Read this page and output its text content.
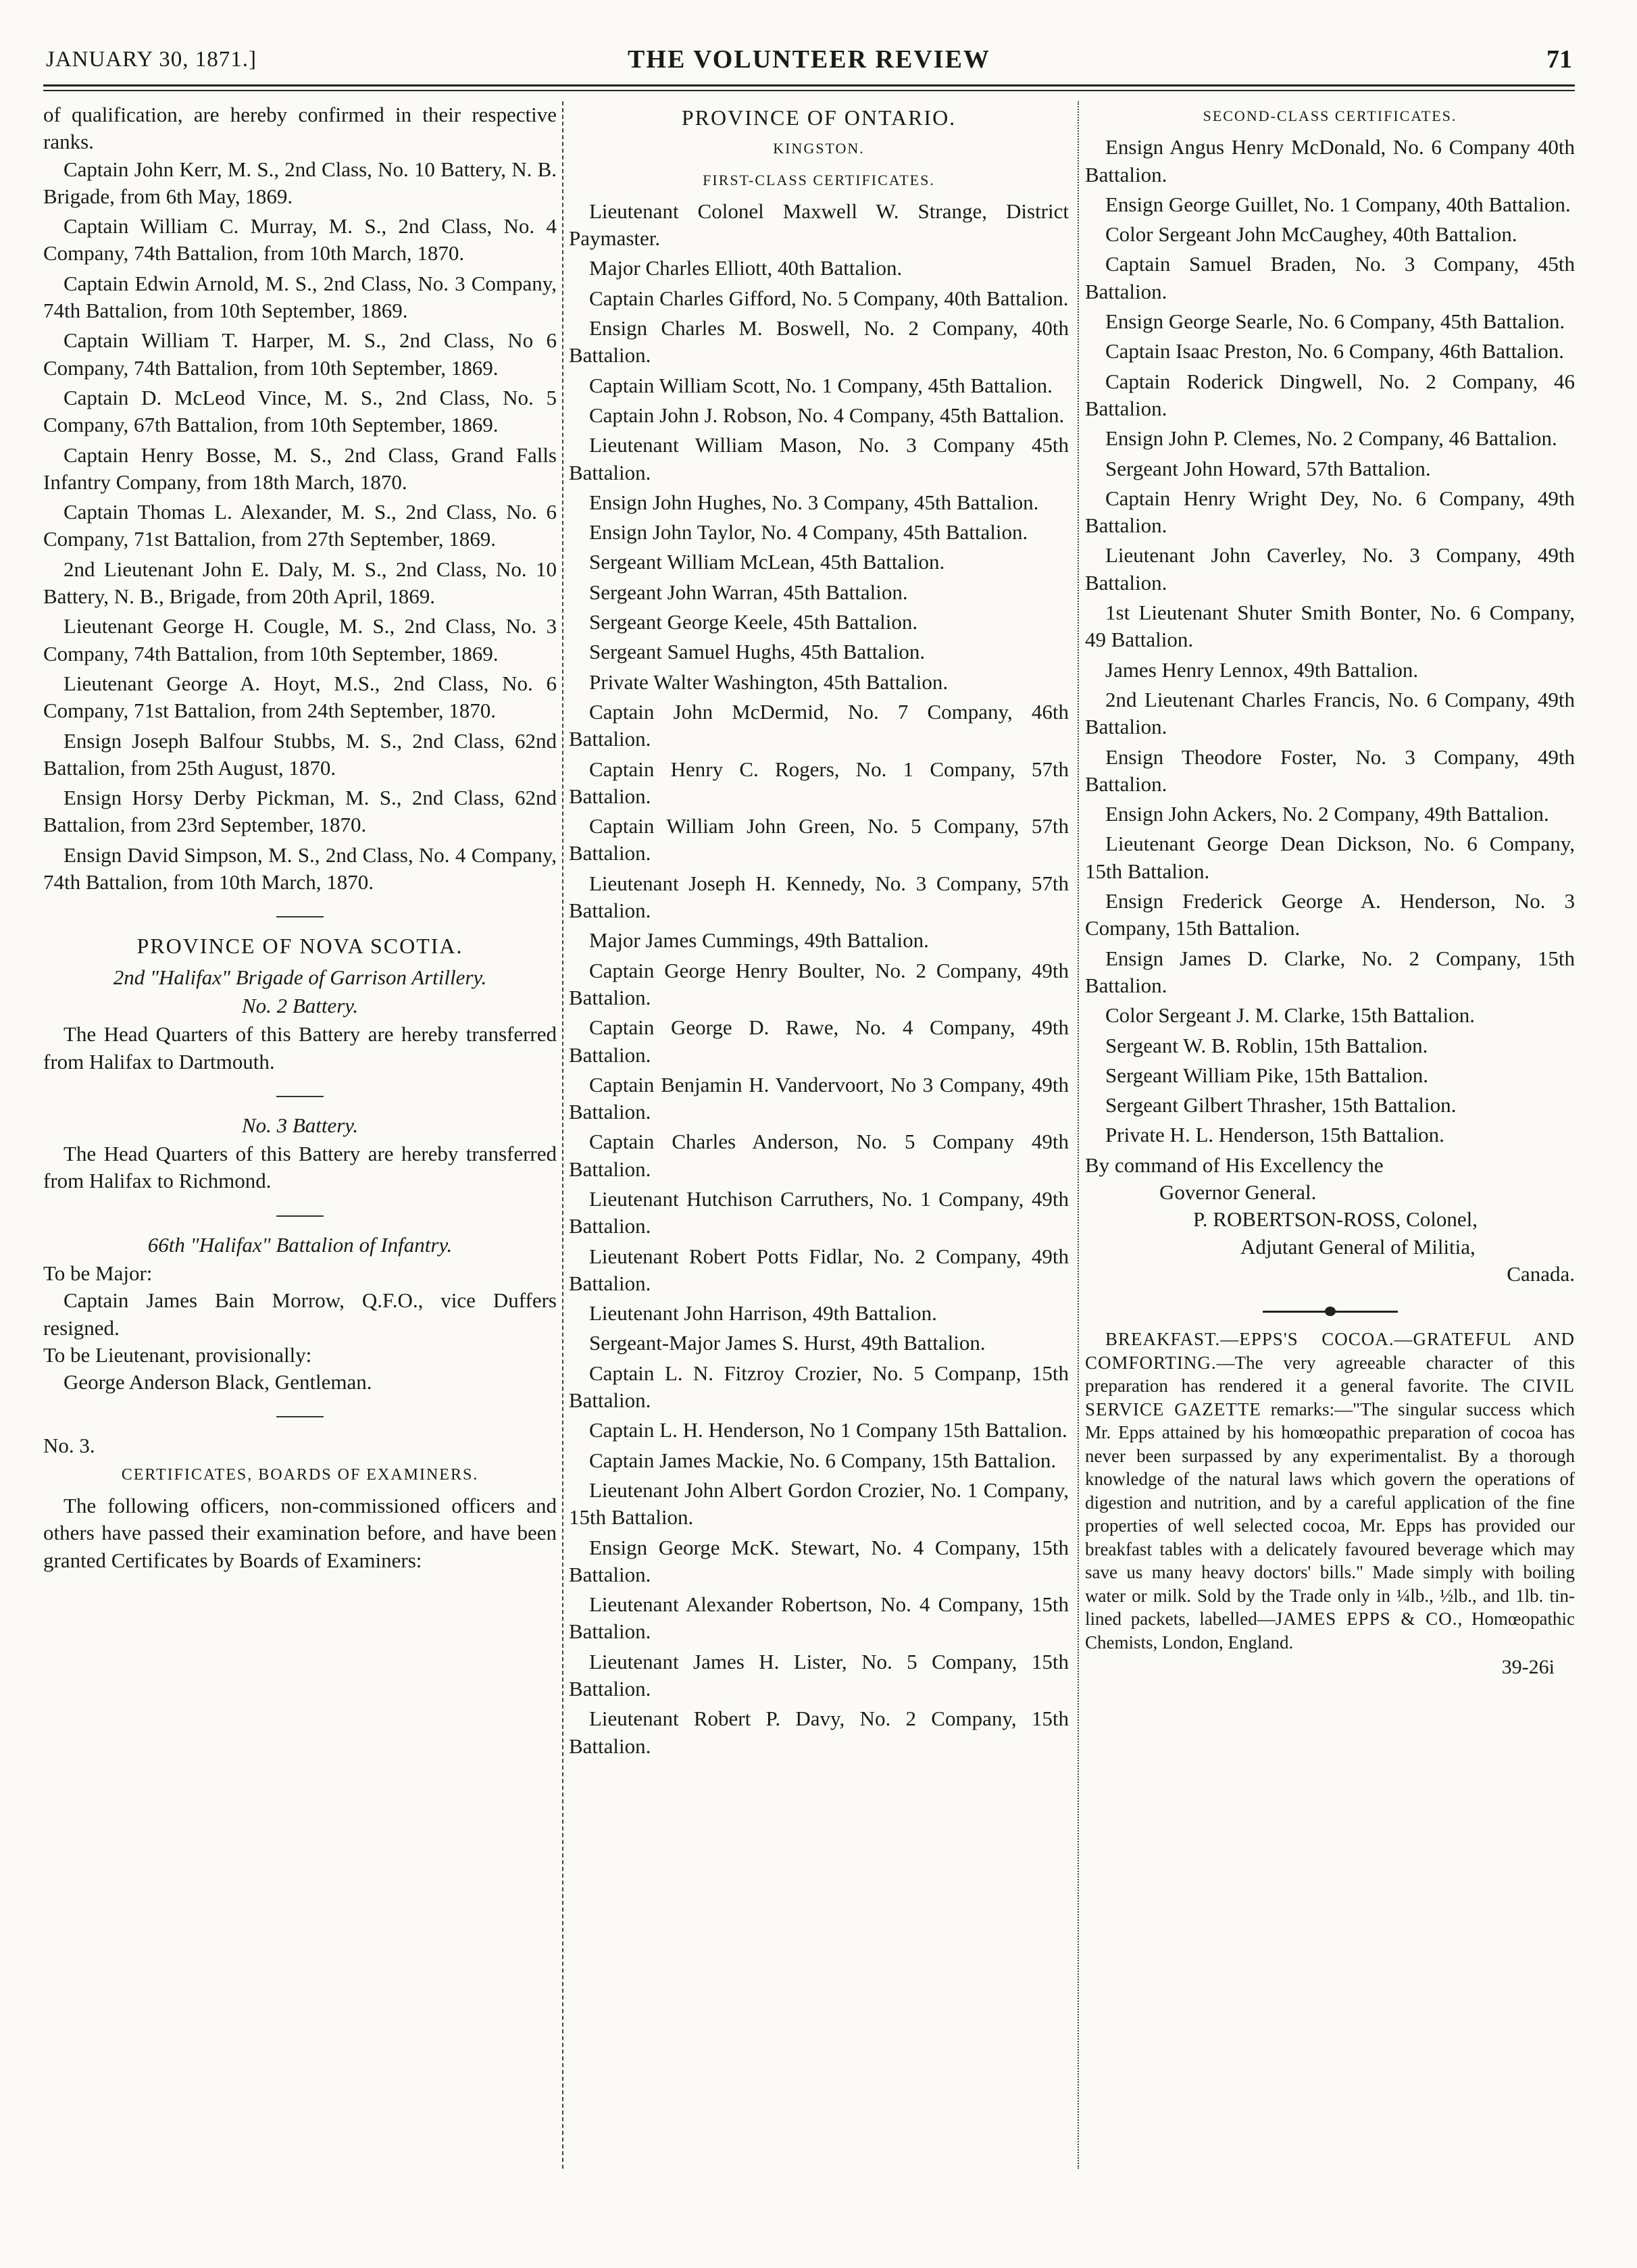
JANUARY 30, 1871.]	THE VOLUNTEER REVIEW	71

of qualification, are hereby confirmed in their respective ranks.

Captain John Kerr, M. S., 2nd Class, No. 10 Battery, N. B. Brigade, from 6th May, 1869.

Captain William C. Murray, M. S., 2nd Class, No. 4 Company, 74th Battalion, from 10th March, 1870.

Captain Edwin Arnold, M. S., 2nd Class, No. 3 Company, 74th Battalion, from 10th September, 1869.

Captain William T. Harper, M. S., 2nd Class, No 6 Company, 74th Battalion, from 10th September, 1869.

Captain D. McLeod Vince, M. S., 2nd Class, No. 5 Company, 67th Battalion, from 10th September, 1869.

Captain Henry Bosse, M. S., 2nd Class, Grand Falls Infantry Company, from 18th March, 1870.

Captain Thomas L. Alexander, M. S., 2nd Class, No. 6 Company, 71st Battalion, from 27th September, 1869.

2nd Lieutenant John E. Daly, M. S., 2nd Class, No. 10 Battery, N. B., Brigade, from 20th April, 1869.

Lieutenant George H. Cougle, M. S., 2nd Class, No. 3 Company, 74th Battalion, from 10th September, 1869.

Lieutenant George A. Hoyt, M.S., 2nd Class, No. 6 Company, 71st Battalion, from 24th September, 1870.

Ensign Joseph Balfour Stubbs, M. S., 2nd Class, 62nd Battalion, from 25th August, 1870.

Ensign Horsy Derby Pickman, M. S., 2nd Class, 62nd Battalion, from 23rd September, 1870.

Ensign David Simpson, M. S., 2nd Class, No. 4 Company, 74th Battalion, from 10th March, 1870.

PROVINCE OF NOVA SCOTIA.
2nd "Halifax" Brigade of Garrison Artillery.
No. 2 Battery.

The Head Quarters of this Battery are hereby transferred from Halifax to Dartmouth.

No. 3 Battery.

The Head Quarters of this Battery are hereby transferred from Halifax to Richmond.

66th "Halifax" Battalion of Infantry.

To be Major:

Captain James Bain Morrow, Q.F.O., vice Duffers resigned.

To be Lieutenant, provisionally:

George Anderson Black, Gentleman.

No. 3.

CERTIFICATES, BOARDS OF EXAMINERS.

The following officers, non-commissioned officers and others have passed their examination before, and have been granted Certificates by Boards of Examiners:

PROVINCE OF ONTARIO.
KINGSTON.
FIRST-CLASS CERTIFICATES.

Lieutenant Colonel Maxwell W. Strange, District Paymaster.

Major Charles Elliott, 40th Battalion.

Captain Charles Gifford, No. 5 Company, 40th Battalion.

Ensign Charles M. Boswell, No. 2 Company, 40th Battalion.

Captain William Scott, No. 1 Company, 45th Battalion.

Captain John J. Robson, No. 4 Company, 45th Battalion.

Lieutenant William Mason, No. 3 Company 45th Battalion.

Ensign John Hughes, No. 3 Company, 45th Battalion.

Ensign John Taylor, No. 4 Company, 45th Battalion.

Sergeant William McLean, 45th Battalion.

Sergeant John Warran, 45th Battalion.

Sergeant George Keele, 45th Battalion.

Sergeant Samuel Hughs, 45th Battalion.

Private Walter Washington, 45th Battalion.

Captain John McDermid, No. 7 Company, 46th Battalion.

Captain Henry C. Rogers, No. 1 Company, 57th Battalion.

Captain William John Green, No. 5 Company, 57th Battalion.

Lieutenant Joseph H. Kennedy, No. 3 Company, 57th Battalion.

Major James Cummings, 49th Battalion.

Captain George Henry Boulter, No. 2 Company, 49th Battalion.

Captain George D. Rawe, No. 4 Company, 49th Battalion.

Captain Benjamin H. Vandervoort, No 3 Company, 49th Battalion.

Captain Charles Anderson, No. 5 Company 49th Battalion.

Lieutenant Hutchison Carruthers, No. 1 Company, 49th Battalion.

Lieutenant Robert Potts Fidlar, No. 2 Company, 49th Battalion.

Lieutenant John Harrison, 49th Battalion.

Sergeant-Major James S. Hurst, 49th Battalion.

Captain L. N. Fitzroy Crozier, No. 5 Companp, 15th Battalion.

Captain L. H. Henderson, No 1 Company 15th Battalion.

Captain James Mackie, No. 6 Company, 15th Battalion.

Lieutenant John Albert Gordon Crozier, No. 1 Company, 15th Battalion.

Ensign George McK. Stewart, No. 4 Company, 15th Battalion.

Lieutenant Alexander Robertson, No. 4 Company, 15th Battalion.

Lieutenant James H. Lister, No. 5 Company, 15th Battalion.

Lieutenant Robert P. Davy, No. 2 Company, 15th Battalion.

SECOND-CLASS CERTIFICATES.

Ensign Angus Henry McDonald, No. 6 Company 40th Battalion.

Ensign George Guillet, No. 1 Company, 40th Battalion.

Color Sergeant John McCaughey, 40th Battalion.

Captain Samuel Braden, No. 3 Company, 45th Battalion.

Ensign George Searle, No. 6 Company, 45th Battalion.

Captain Isaac Preston, No. 6 Company, 46th Battalion.

Captain Roderick Dingwell, No. 2 Company, 46 Battalion.

Ensign John P. Clemes, No. 2 Company, 46 Battalion.

Sergeant John Howard, 57th Battalion.

Captain Henry Wright Dey, No. 6 Company, 49th Battalion.

Lieutenant John Caverley, No. 3 Company, 49th Battalion.

1st Lieutenant Shuter Smith Bonter, No. 6 Company, 49 Battalion.

James Henry Lennox, 49th Battalion.

2nd Lieutenant Charles Francis, No. 6 Company, 49th Battalion.

Ensign Theodore Foster, No. 3 Company, 49th Battalion.

Ensign John Ackers, No. 2 Company, 49th Battalion.

Lieutenant George Dean Dickson, No. 6 Company, 15th Battalion.

Ensign Frederick George A. Henderson, No. 3 Company, 15th Battalion.

Ensign James D. Clarke, No. 2 Company, 15th Battalion.

Color Sergeant J. M. Clarke, 15th Battalion.

Sergeant W. B. Roblin, 15th Battalion.

Sergeant William Pike, 15th Battalion.

Sergeant Gilbert Thrasher, 15th Battalion.

Private H. L. Henderson, 15th Battalion.

By command of His Excellency the

Governor General.

P. ROBERTSON-ROSS, Colonel,

Adjutant General of Militia,

Canada.

BREAKFAST.—EPPS'S COCOA.—GRATEFUL AND COMFORTING.—The very agreeable character of this preparation has rendered it a general favorite. The CIVIL SERVICE GAZETTE remarks:—"The singular success which Mr. Epps attained by his homœopathic preparation of cocoa has never been surpassed by any experimentalist. By a thorough knowledge of the natural laws which govern the operations of digestion and nutrition, and by a careful application of the fine properties of well selected cocoa, Mr. Epps has provided our breakfast tables with a delicately favoured beverage which may save us many heavy doctors' bills." Made simply with boiling water or milk. Sold by the Trade only in ¼lb., ½lb., and 1lb. tin-lined packets, labelled—JAMES EPPS & CO., Homœopathic Chemists, London, England.

39-26i
